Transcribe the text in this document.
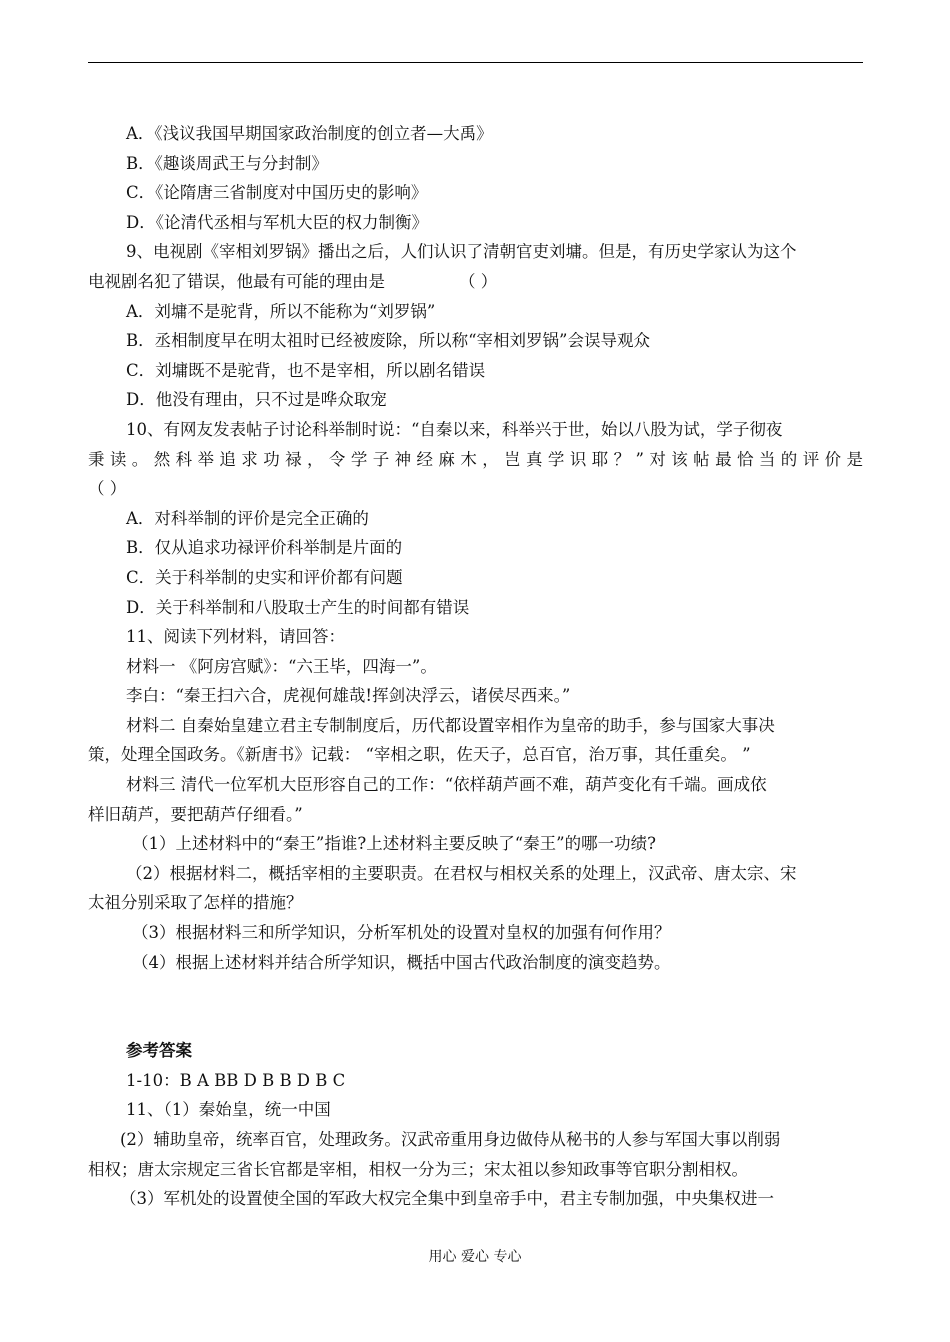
A．《浅议我国早期国家政治制度的创立者—大禹》
B．《趣谈周武王与分封制》
C．《论隋唐三省制度对中国历史的影响》
D．《论清代丞相与军机大臣的权力制衡》
9、电视剧《宰相刘罗锅》播出之后，人们认识了清朝官吏刘墉。但是，有历史学家认为这个
电视剧名犯了错误，他最有可能的理由是	（ ）
A．刘墉不是驼背，所以不能称为“刘罗锅”
B．丞相制度早在明太祖时已经被废除，所以称“宰相刘罗锅”会误导观众
C．刘墉既不是驼背，也不是宰相，所以剧名错误
D．他没有理由，只不过是哗众取宠
10、有网友发表帖子讨论科举制时说：“自秦以来，科举兴于世，始以八股为试，学子彻夜
秉读。然科举追求功禄，令学子神经麻木，岂真学识耶？”对该帖最恰当的评价是
（ ）
A．对科举制的评价是完全正确的
B．仅从追求功禄评价科举制是片面的
C．关于科举制的史实和评价都有问题
D．关于科举制和八股取士产生的时间都有错误
11、阅读下列材料，请回答：
材料一 《阿房宫赋》：“六王毕，四海一”。
李白：“秦王扫六合，虎视何雄哉!挥剑决浮云，诸侯尽西来。”
材料二 自秦始皇建立君主专制制度后，历代都设置宰相作为皇帝的助手，参与国家大事决
策，处理全国政务。《新唐书》记载： “宰相之职，佐天子，总百官，治万事，其任重矣。 ”
材料三 清代一位军机大臣形容自己的工作：“依样葫芦画不难，葫芦变化有千端。画成依
样旧葫芦，要把葫芦仔细看。”
（1）上述材料中的“秦王”指谁?上述材料主要反映了“秦王”的哪一功绩?
（2）根据材料二，概括宰相的主要职责。在君权与相权关系的处理上，汉武帝、唐太宗、宋
太祖分别采取了怎样的措施？
（3）根据材料三和所学知识，分析军机处的设置对皇权的加强有何作用？
（4）根据上述材料并结合所学知识，概括中国古代政治制度的演变趋势。
参考答案
1-10：B A BB D B B D B C
11、（1）秦始皇，统一中国
(2）辅助皇帝，统率百官，处理政务。汉武帝重用身边做侍从秘书的人参与军国大事以削弱
相权；唐太宗规定三省长官都是宰相，相权一分为三；宋太祖以参知政事等官职分割相权。
（3）军机处的设置使全国的军政大权完全集中到皇帝手中，君主专制加强，中央集权进一
用心 爱心 专心
